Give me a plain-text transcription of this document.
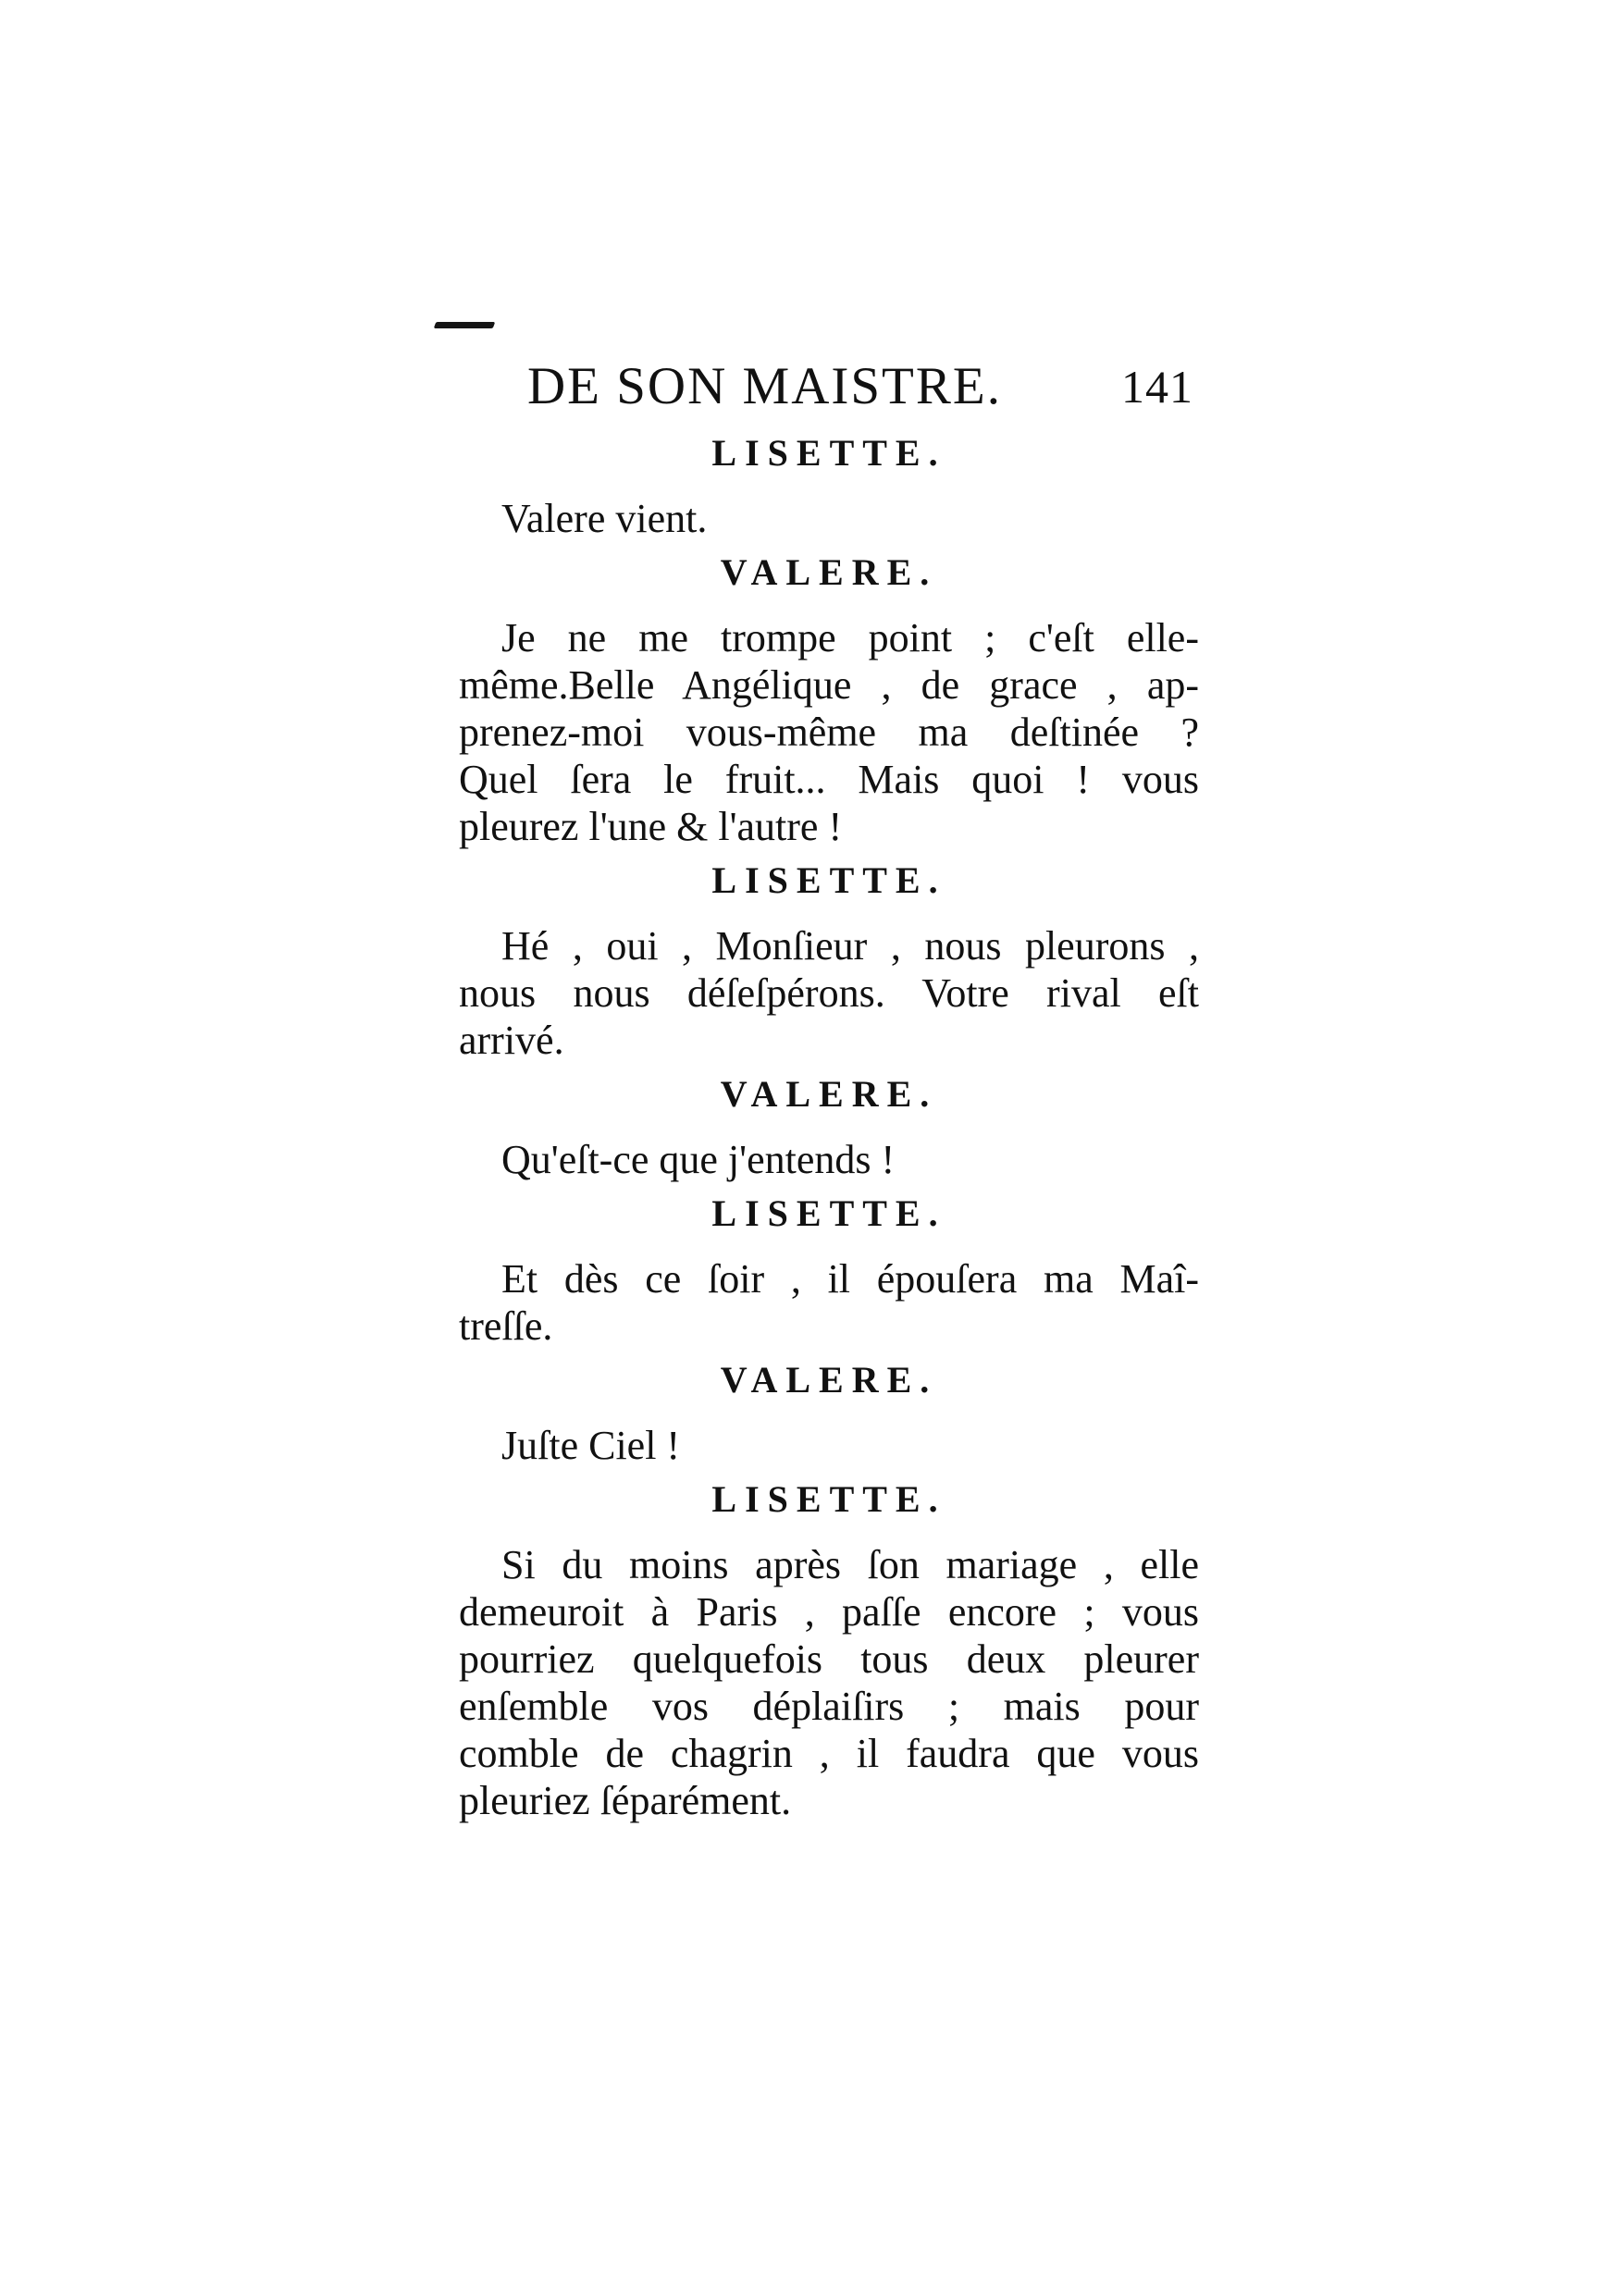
DE SON MAISTRE.	141
LISETTE.
Valere vient.
VALERE.
Je ne me trompe point ; c'eſt elle-
même.Belle Angélique , de grace , ap-
prenez-moi vous-même ma deſtinée ?
Quel ſera le fruit... Mais quoi ! vous
pleurez l'une & l'autre !
LISETTE.
Hé , oui , Monſieur , nous pleurons ,
nous nous déſeſpérons. Votre rival eſt
arrivé.
VALERE.
Qu'eſt-ce que j'entends !
LISETTE.
Et dès ce ſoir , il épouſera ma Maî-
treſſe.
VALERE.
Juſte Ciel !
LISETTE.
Si du moins après ſon mariage , elle
demeuroit à Paris , paſſe encore ; vous
pourriez quelquefois tous deux pleurer
enſemble vos déplaiſirs ; mais pour
comble de chagrin , il faudra que vous
pleuriez ſéparément.
